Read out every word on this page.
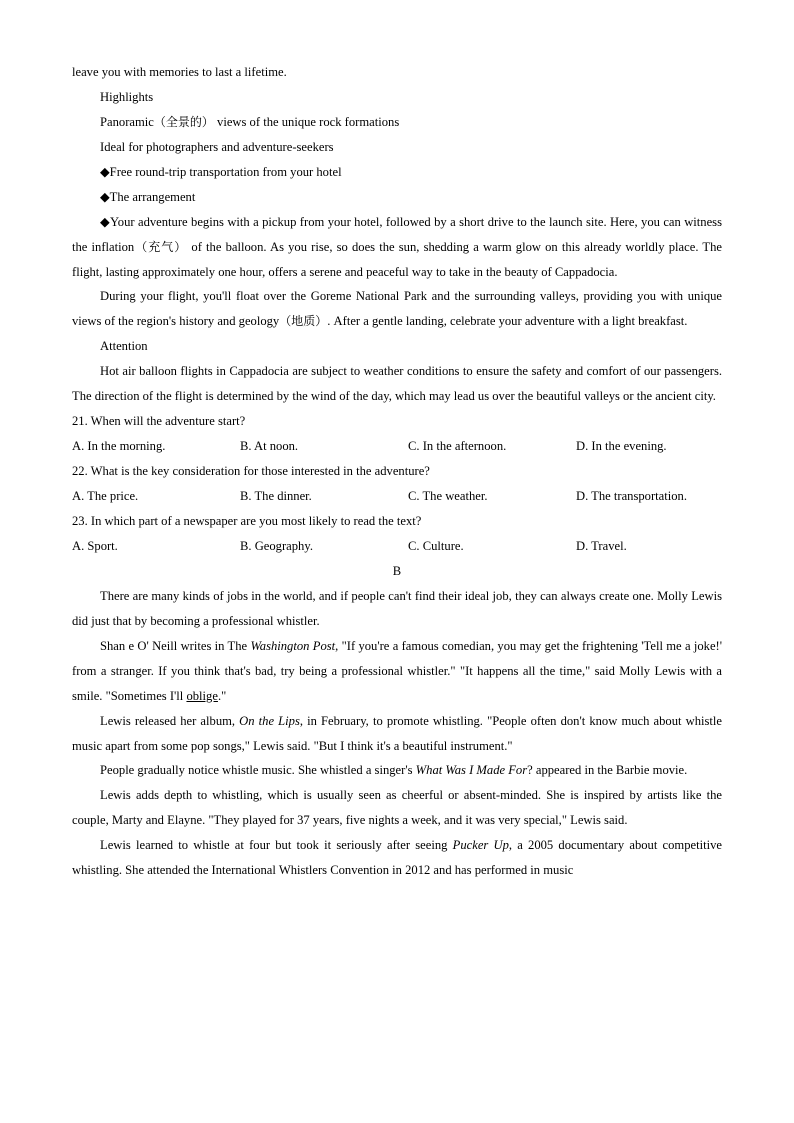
leave you with memories to last a lifetime.
Highlights
Panoramic（全景的） views of the unique rock formations
Ideal for photographers and adventure-seekers
◆Free round-trip transportation from your hotel
◆The arrangement
◆Your adventure begins with a pickup from your hotel, followed by a short drive to the launch site. Here, you can witness the inflation（充气） of the balloon. As you rise, so does the sun, shedding a warm glow on this already worldly place. The flight, lasting approximately one hour, offers a serene and peaceful way to take in the beauty of Cappadocia.
During your flight, you'll float over the Goreme National Park and the surrounding valleys, providing you with unique views of the region's history and geology（地质）. After a gentle landing, celebrate your adventure with a light breakfast.
Attention
Hot air balloon flights in Cappadocia are subject to weather conditions to ensure the safety and comfort of our passengers. The direction of the flight is determined by the wind of the day, which may lead us over the beautiful valleys or the ancient city.
21. When will the adventure start?
A. In the morning.	B. At noon.	C. In the afternoon.	D. In the evening.
22. What is the key consideration for those interested in the adventure?
A. The price.	B. The dinner.	C. The weather.	D. The transportation.
23. In which part of a newspaper are you most likely to read the text?
A. Sport.	B. Geography.	C. Culture.	D. Travel.
B
There are many kinds of jobs in the world, and if people can't find their ideal job, they can always create one. Molly Lewis did just that by becoming a professional whistler.
Shan e O' Neill writes in The Washington Post, "If you're a famous comedian, you may get the frightening 'Tell me a joke!' from a stranger. If you think that's bad, try being a professional whistler." "It happens all the time," said Molly Lewis with a smile. "Sometimes I'll oblige."
Lewis released her album, On the Lips, in February, to promote whistling. "People often don't know much about whistle music apart from some pop songs," Lewis said. "But I think it's a beautiful instrument."
People gradually notice whistle music. She whistled a singer's What Was I Made For? appeared in the Barbie movie.
Lewis adds depth to whistling, which is usually seen as cheerful or absent-minded. She is inspired by artists like the couple, Marty and Elayne. "They played for 37 years, five nights a week, and it was very special," Lewis said.
Lewis learned to whistle at four but took it seriously after seeing Pucker Up, a 2005 documentary about competitive whistling. She attended the International Whistlers Convention in 2012 and has performed in music
